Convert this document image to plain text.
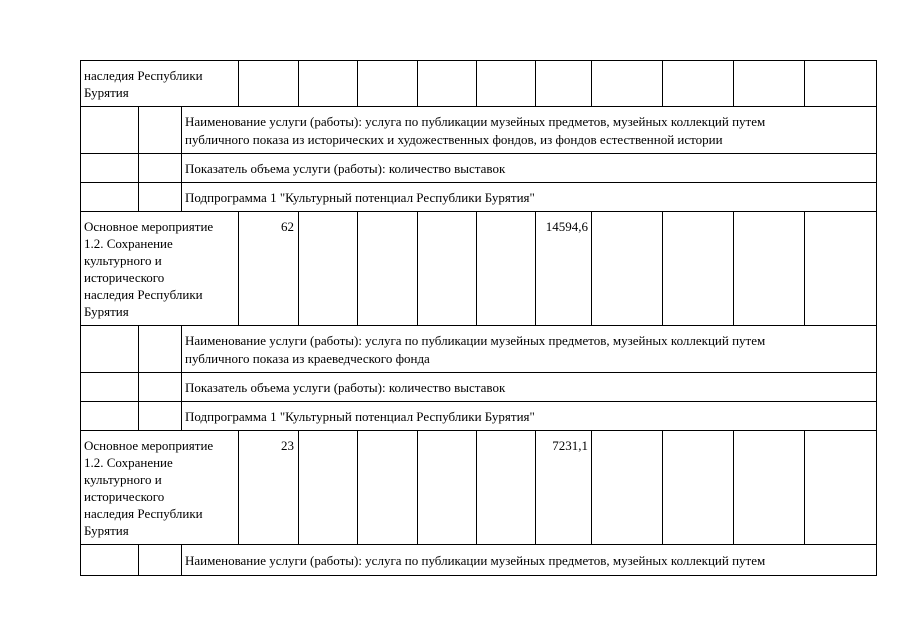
наследия Республики
Бурятия
Наименование услуги (работы): услуга по публикации музейных предметов, музейных коллекций путем
публичного показа из исторических и художественных фондов, из фондов естественной истории
Показатель объема услуги (работы): количество выставок
Подпрограмма 1 "Культурный потенциал Республики Бурятия"
Основное мероприятие
1.2. Сохранение
культурного и
исторического
наследия Республики
Бурятия
62	14594,6
Наименование услуги (работы): услуга по публикации музейных предметов, музейных коллекций путем
публичного показа из краеведческого фонда
Показатель объема услуги (работы): количество выставок
Подпрограмма 1 "Культурный потенциал Республики Бурятия"
Основное мероприятие
1.2. Сохранение
культурного и
исторического
наследия Республики
Бурятия
23	7231,1
Наименование услуги (работы): услуга по публикации музейных предметов, музейных коллекций путем
